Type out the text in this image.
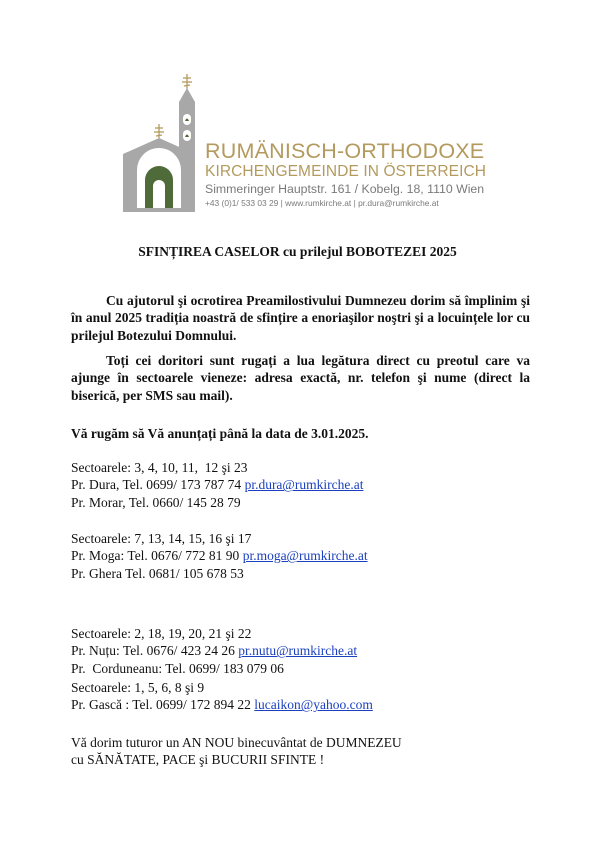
RUMÄNISCH-ORTHODOXE
KIRCHENGEMEINDE IN ÖSTERREICH
Simmeringer Hauptstr. 161 / Kobelg. 18, 1110 Wien
+43 (0)1/ 533 03 29 | www.rumkirche.at | pr.dura@rumkirche.at
SFINȚIREA CASELOR cu prilejul BOBOTEZEI 2025

Cu ajutorul şi ocrotirea Preamilostivului Dumnezeu dorim să împlinim şi în anul 2025 tradiția noastră de sfințire a enoriaşilor noştri şi a locuințele lor cu prilejul Botezului Domnului.

Toți cei doritori sunt rugați a lua legătura direct cu preotul care va ajunge în sectoarele vieneze: adresa exactă, nr. telefon şi nume (direct la biserică, per SMS sau mail).

Vă rugăm să Vă anunțați până la data de 3.01.2025.
Sectoarele: 3, 4, 10, 11,  12 şi 23
Pr. Dura, Tel. 0699/ 173 787 74 pr.dura@rumkirche.at
Pr. Morar, Tel. 0660/ 145 28 79
Sectoarele: 7, 13, 14, 15, 16 şi 17
Pr. Moga: Tel. 0676/ 772 81 90 pr.moga@rumkirche.at
Pr. Ghera Tel. 0681/ 105 678 53
Sectoarele: 2, 18, 19, 20, 21 şi 22
Pr. Nuțu: Tel. 0676/ 423 24 26 pr.nutu@rumkirche.at
Pr.  Corduneanu: Tel. 0699/ 183 079 06
Sectoarele: 1, 5, 6, 8 şi 9
Pr. Gască : Tel. 0699/ 172 894 22 lucaikon@yahoo.com
Vă dorim tuturor un AN NOU binecuvântat de DUMNEZEU
cu SĂNĂTATE, PACE şi BUCURII SFINTE !
